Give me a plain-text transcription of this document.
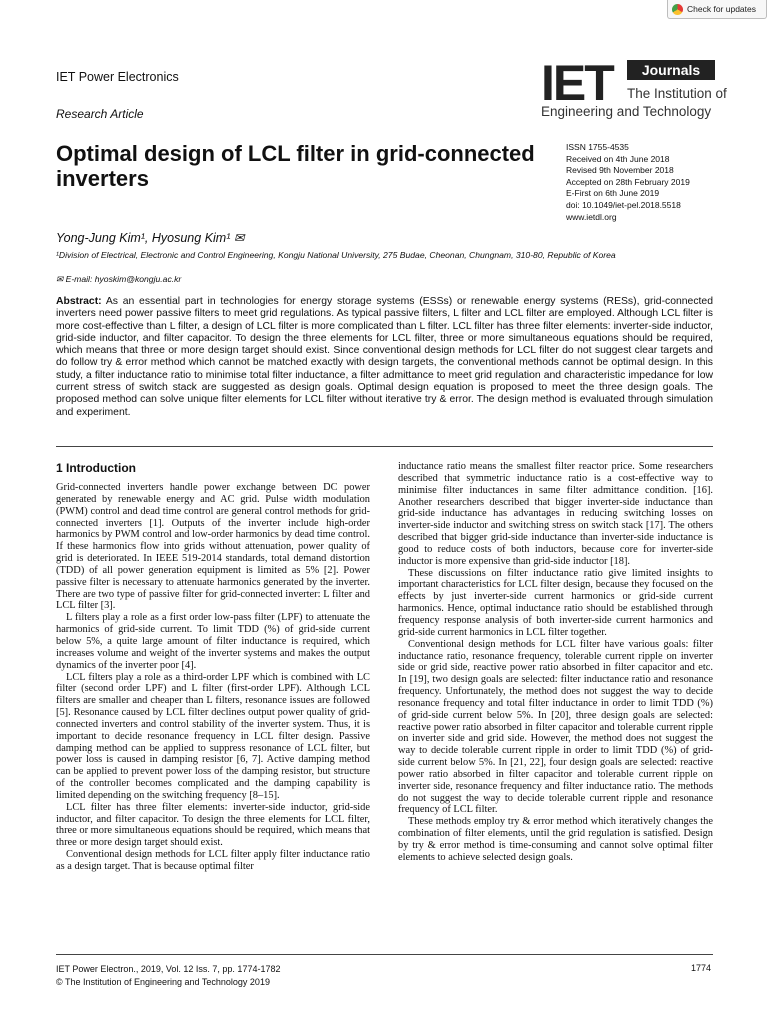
Check for updates
IET Power Electronics
Research Article
IET	Journals
The Institution of
Engineering and Technology
Optimal design of LCL filter in grid-connected inverters
ISSN 1755-4535
Received on 4th June 2018
Revised 9th November 2018
Accepted on 28th February 2019
E-First on 6th June 2019
doi: 10.1049/iet-pel.2018.5518
www.ietdl.org
Yong-Jung Kim¹, Hyosung Kim¹ ✉
¹Division of Electrical, Electronic and Control Engineering, Kongju National University, 275 Budae, Cheonan, Chungnam, 310-80, Republic of Korea
✉ E-mail: hyoskim@kongju.ac.kr
Abstract: As an essential part in technologies for energy storage systems (ESSs) or renewable energy systems (RESs), grid-connected inverters need power passive filters to meet grid regulations. As typical passive filters, L filter and LCL filter are employed. Although LCL filter is more cost-effective than L filter, a design of LCL filter is more complicated than L filter. LCL filter has three filter elements: inverter-side inductor, grid-side inductor, and filter capacitor. To design the three elements for LCL filter, three or more simultaneous equations should be required, which means that three or more design target should exist. Since conventional design methods for LCL filter do not suggest clear targets and do follow try & error method which cannot be matched exactly with design targets, the conventional methods cannot be optimal design. In this study, a filter inductance ratio to minimise total filter inductance, a filter admittance to meet grid regulation and characteristic impedance for low current stress of switch stack are suggested as design goals. Optimal design equation is proposed to meet the three design goals. The proposed method can solve unique filter elements for LCL filter without iterative try & error. The design method is evaluated through simulation and experiment.
1 Introduction

Grid-connected inverters handle power exchange between DC power generated by renewable energy and AC grid. Pulse width modulation (PWM) control and dead time control are general control methods for grid-connected inverters [1]. Outputs of the inverter include high-order harmonics by PWM control and low-order harmonics by dead time control. If these harmonics flow into grids without attenuation, power quality of grid is deteriorated. In IEEE 519-2014 standards, total demand distortion (TDD) of all power generation equipment is limited as 5% [2]. Power passive filter is necessary to attenuate harmonics generated by the inverter. There are two type of passive filter for grid-connected inverter: L filter and LCL filter [3].

L filters play a role as a first order low-pass filter (LPF) to attenuate the harmonics of grid-side current. To limit TDD (%) of grid-side current below 5%, a quite large amount of filter inductance is required, which increases volume and weight of the inverter systems and makes the output dynamics of the inverter poor [4].

LCL filters play a role as a third-order LPF which is combined with LC filter (second order LPF) and L filter (first-order LPF). Although LCL filters are smaller and cheaper than L filters, resonance issues are followed [5]. Resonance caused by LCL filter declines output power quality of grid-connected inverters and control stability of the inverter system. Thus, it is important to decide resonance frequency in LCL filter design. Passive damping method can be applied to suppress resonance of LCL filter, but power loss is caused in damping resistor [6, 7]. Active damping method can be applied to prevent power loss of the damping resistor, but structure of the controller becomes complicated and the damping capability is limited depending on the switching frequency [8–15].

LCL filter has three filter elements: inverter-side inductor, grid-side inductor, and filter capacitor. To design the three elements for LCL filter, three or more simultaneous equations should be required, which means that three or more design target should exist.

Conventional design methods for LCL filter apply filter inductance ratio as a design target. That is because optimal filter

inductance ratio means the smallest filter reactor price. Some researchers described that symmetric inductance ratio is a cost-effective way to minimise filter inductances in same filter admittance condition. [16]. Another researchers described that bigger inverter-side inductance than grid-side inductance has advantages in reducing switching losses on inverter-side inductor and switching stress on switch stack [17]. The others described that bigger grid-side inductance than inverter-side inductance is good to reduce costs of both inductors, because core for inverter-side inductor is more expensive than grid-side inductor [18].

These discussions on filter inductance ratio give limited insights to important characteristics for LCL filter design, because they focused on the effects by just inverter-side current harmonics or grid-side current harmonics. Hence, optimal inductance ratio should be established through frequency response analysis of both inverter-side current harmonics and grid-side current harmonics in LCL filter together.

Conventional design methods for LCL filter have various goals: filter inductance ratio, resonance frequency, tolerable current ripple on inverter side or grid side, reactive power ratio absorbed in filter capacitor and etc. In [19], two design goals are selected: filter inductance ratio and resonance frequency. Unfortunately, the method does not suggest the way to decide resonance frequency and total filter inductance in order to limit TDD (%) of grid-side current below 5%. In [20], three design goals are selected: reactive power ratio absorbed in filter capacitor and tolerable current ripple on inverter side and grid side. However, the method does not suggest the way to decide tolerable current ripple in order to limit TDD (%) of grid-side current below 5%. In [21, 22], four design goals are selected: reactive power ratio absorbed in filter capacitor and tolerable current ripple on inverter side, resonance frequency and filter inductance ratio. The methods do not suggest the way to decide tolerable current ripple and resonance frequency of LCL filter.

These methods employ try & error method which iteratively changes the combination of filter elements, until the grid regulation is satisfied. Design by try & error method is time-consuming and cannot solve optimal filter elements to achieve selected design goals.

IET Power Electron., 2019, Vol. 12 Iss. 7, pp. 1774-1782
© The Institution of Engineering and Technology 2019
1774
